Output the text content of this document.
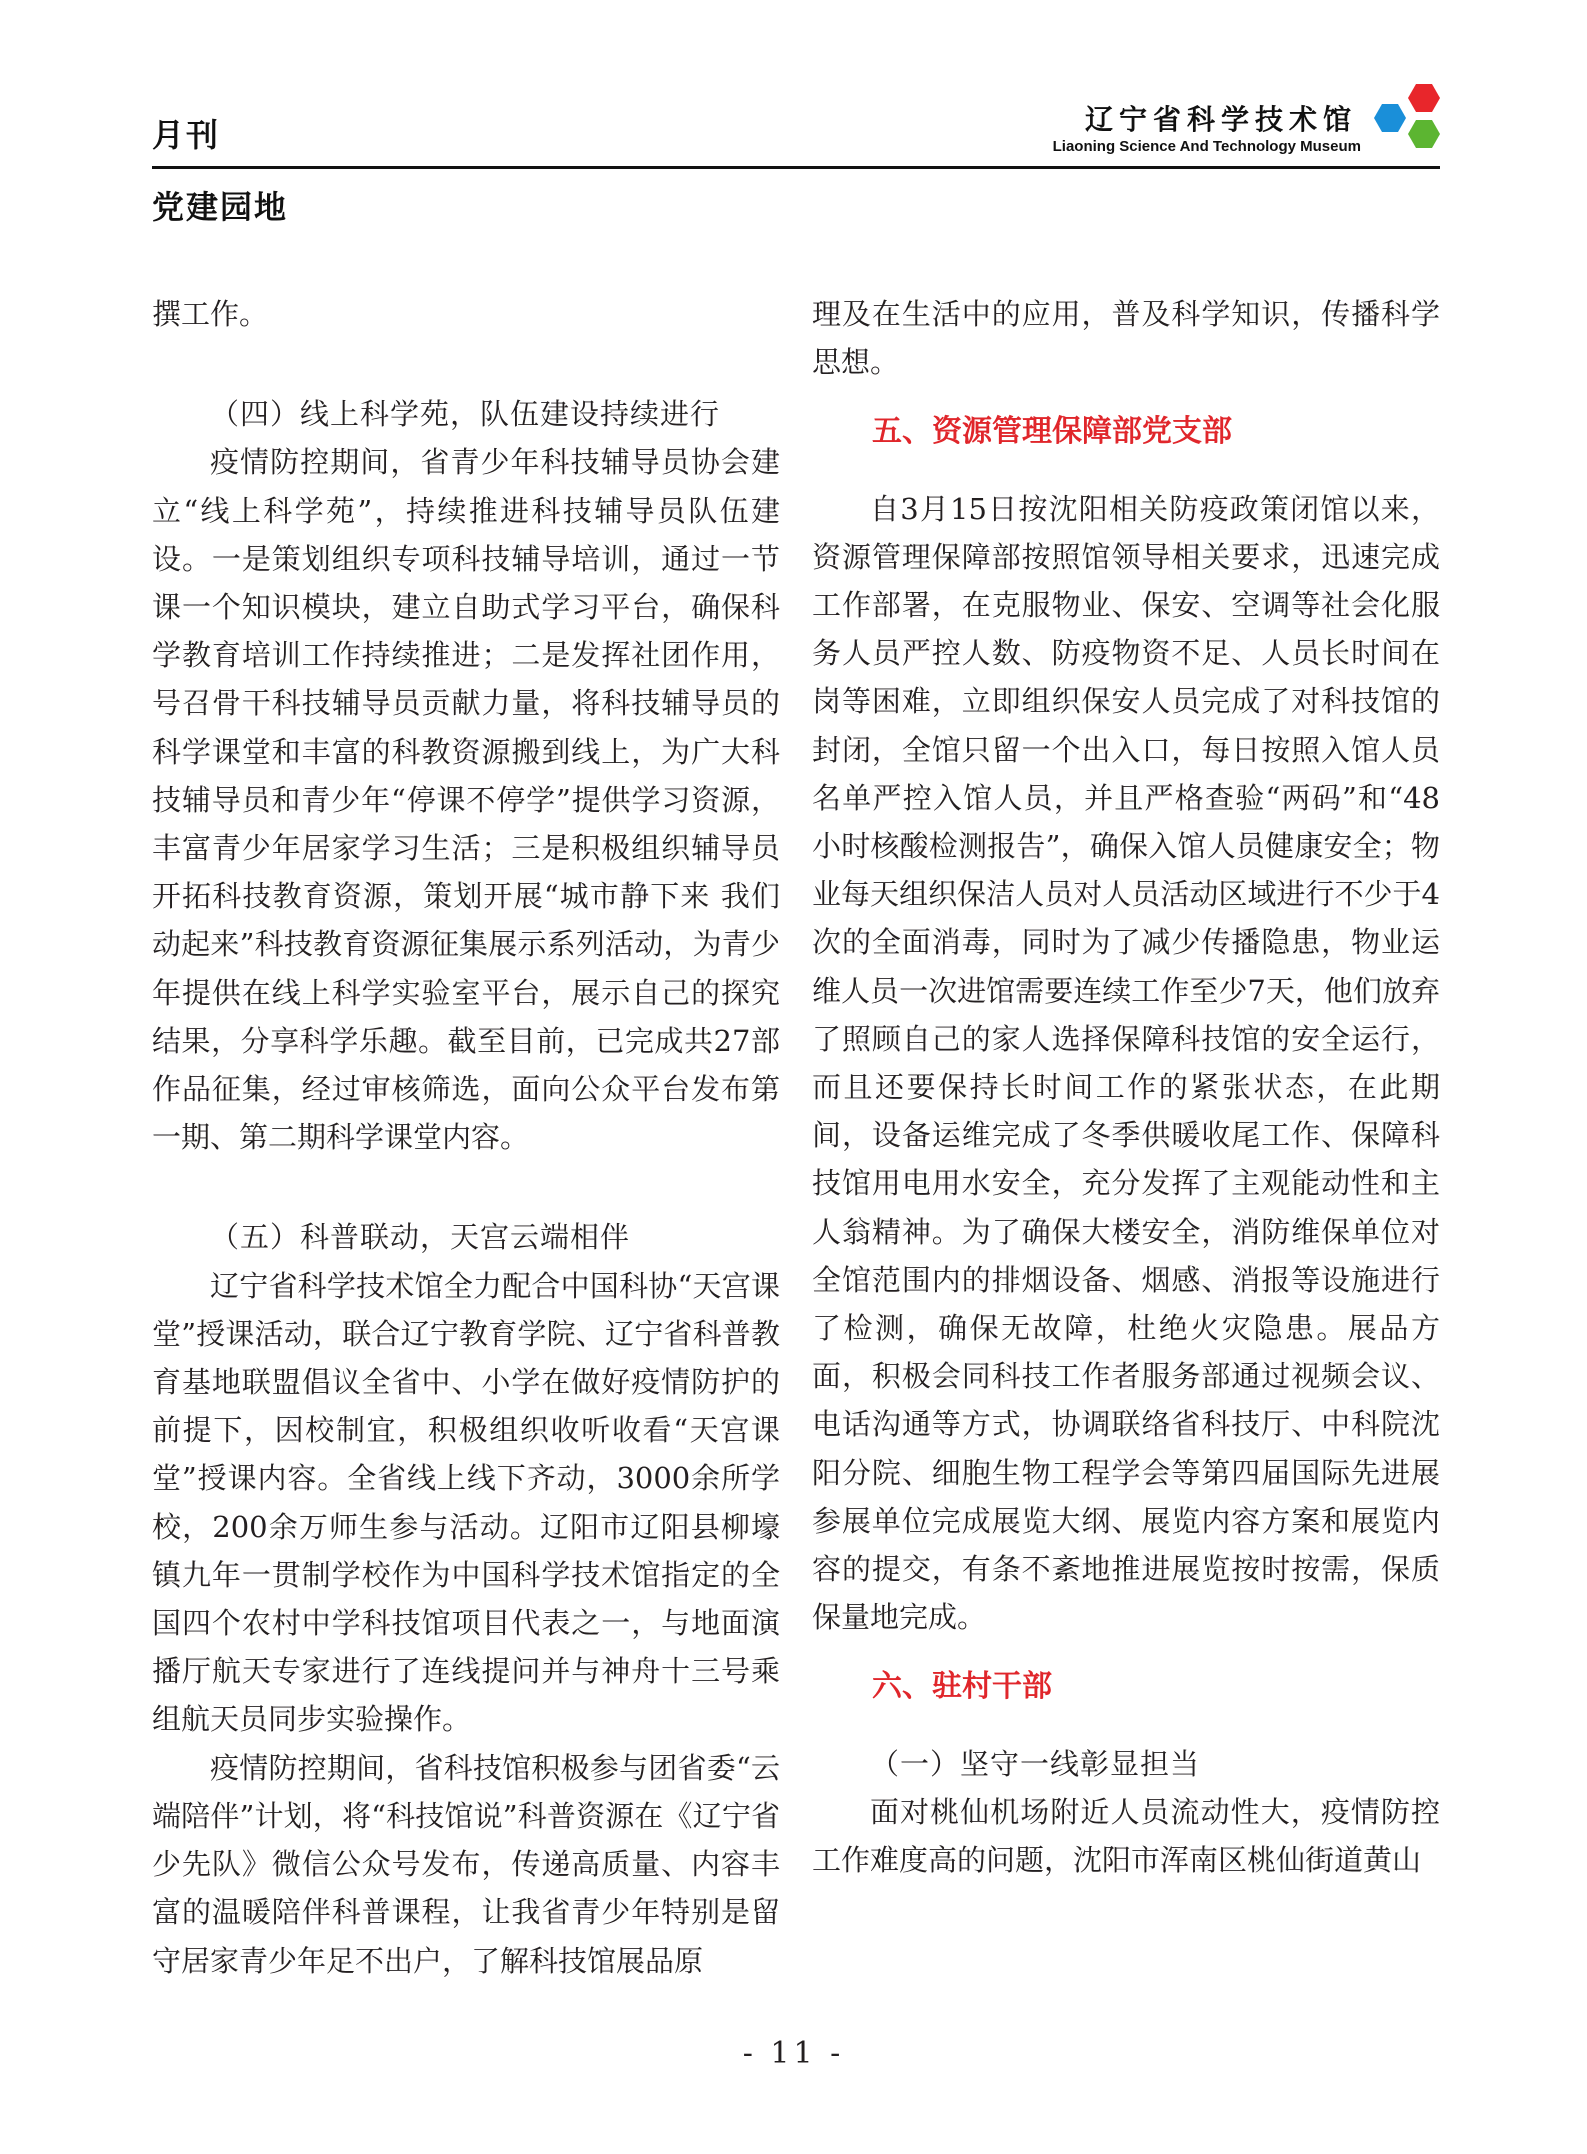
月刊	辽宁省科学技术馆
Liaoning Science And Technology Museum
党建园地

撰工作。

（四）线上科学苑，队伍建设持续进行

疫情防控期间，省青少年科技辅导员协会建立“线上科学苑”，持续推进科技辅导员队伍建设。一是策划组织专项科技辅导培训，通过一节课一个知识模块，建立自助式学习平台，确保科学教育培训工作持续推进；二是发挥社团作用，号召骨干科技辅导员贡献力量，将科技辅导员的科学课堂和丰富的科教资源搬到线上，为广大科技辅导员和青少年“停课不停学”提供学习资源，丰富青少年居家学习生活；三是积极组织辅导员开拓科技教育资源，策划开展“城市静下来 我们动起来”科技教育资源征集展示系列活动，为青少年提供在线上科学实验室平台，展示自己的探究结果，分享科学乐趣。截至目前，已完成共27部作品征集，经过审核筛选，面向公众平台发布第一期、第二期科学课堂内容。

（五）科普联动，天宫云端相伴

辽宁省科学技术馆全力配合中国科协“天宫课堂”授课活动，联合辽宁教育学院、辽宁省科普教育基地联盟倡议全省中、小学在做好疫情防护的前提下，因校制宜，积极组织收听收看“天宫课堂”授课内容。全省线上线下齐动，3000余所学校，200余万师生参与活动。辽阳市辽阳县柳壕镇九年一贯制学校作为中国科学技术馆指定的全国四个农村中学科技馆项目代表之一，与地面演播厅航天专家进行了连线提问并与神舟十三号乘组航天员同步实验操作。

疫情防控期间，省科技馆积极参与团省委“云端陪伴”计划，将“科技馆说”科普资源在《辽宁省少先队》微信公众号发布，传递高质量、内容丰富的温暖陪伴科普课程，让我省青少年特别是留守居家青少年足不出户，了解科技馆展品原

理及在生活中的应用，普及科学知识，传播科学思想。

五、资源管理保障部党支部

自3月15日按沈阳相关防疫政策闭馆以来，资源管理保障部按照馆领导相关要求，迅速完成工作部署，在克服物业、保安、空调等社会化服务人员严控人数、防疫物资不足、人员长时间在岗等困难，立即组织保安人员完成了对科技馆的封闭，全馆只留一个出入口，每日按照入馆人员名单严控入馆人员，并且严格查验“两码”和“48小时核酸检测报告”，确保入馆人员健康安全；物业每天组织保洁人员对人员活动区域进行不少于4次的全面消毒，同时为了减少传播隐患，物业运维人员一次进馆需要连续工作至少7天，他们放弃了照顾自己的家人选择保障科技馆的安全运行，而且还要保持长时间工作的紧张状态，在此期间，设备运维完成了冬季供暖收尾工作、保障科技馆用电用水安全，充分发挥了主观能动性和主人翁精神。为了确保大楼安全，消防维保单位对全馆范围内的排烟设备、烟感、消报等设施进行了检测，确保无故障，杜绝火灾隐患。展品方面，积极会同科技工作者服务部通过视频会议、电话沟通等方式，协调联络省科技厅、中科院沈阳分院、细胞生物工程学会等第四届国际先进展参展单位完成展览大纲、展览内容方案和展览内容的提交，有条不紊地推进展览按时按需，保质保量地完成。

六、驻村干部

（一）坚守一线彰显担当

面对桃仙机场附近人员流动性大，疫情防控工作难度高的问题，沈阳市浑南区桃仙街道黄山

- 11 -
